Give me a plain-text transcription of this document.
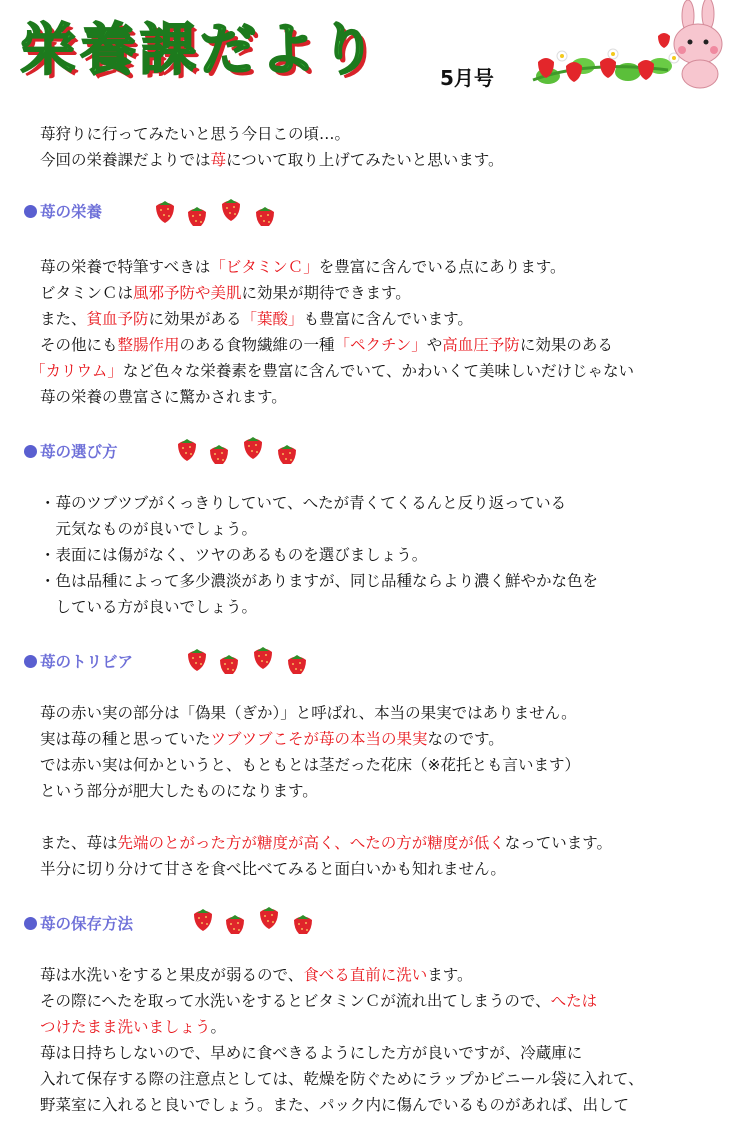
栄養課だより	5月号
苺狩りに行ってみたいと思う今日この頃…。
今回の栄養課だよりでは苺について取り上げてみたいと思います。
苺の栄養
苺の栄養で特筆すべきは「ビタミンＣ」を豊富に含んでいる点にあります。
ビタミンＣは風邪予防や美肌に効果が期待できます。
また、貧血予防に効果がある「葉酸」も豊富に含んでいます。
その他にも整腸作用のある食物繊維の一種「ペクチン」や高血圧予防に効果のある
「カリウム」など色々な栄養素を豊富に含んでいて、かわいくて美味しいだけじゃない
苺の栄養の豊富さに驚かされます。
苺の選び方
・苺のツブツブがくっきりしていて、へたが青くてくるんと反り返っている
　元気なものが良いでしょう。
・表面には傷がなく、ツヤのあるものを選びましょう。
・色は品種によって多少濃淡がありますが、同じ品種ならより濃く鮮やかな色を
　している方が良いでしょう。
苺のトリビア
苺の赤い実の部分は「偽果（ぎか）」と呼ばれ、本当の果実ではありません。
実は苺の種と思っていたツブツブこそが苺の本当の果実なのです。
では赤い実は何かというと、もともとは茎だった花床（※花托とも言います）
という部分が肥大したものになります。
また、苺は先端のとがった方が糖度が高く、へたの方が糖度が低くなっています。
半分に切り分けて甘さを食べ比べてみると面白いかも知れません。
苺の保存方法
苺は水洗いをすると果皮が弱るので、食べる直前に洗います。
その際にへたを取って水洗いをするとビタミンＣが流れ出てしまうので、へたは
つけたまま洗いましょう。
苺は日持ちしないので、早めに食べきるようにした方が良いですが、冷蔵庫に
入れて保存する際の注意点としては、乾燥を防ぐためにラップかビニール袋に入れて、
野菜室に入れると良いでしょう。また、パック内に傷んでいるものがあれば、出して
